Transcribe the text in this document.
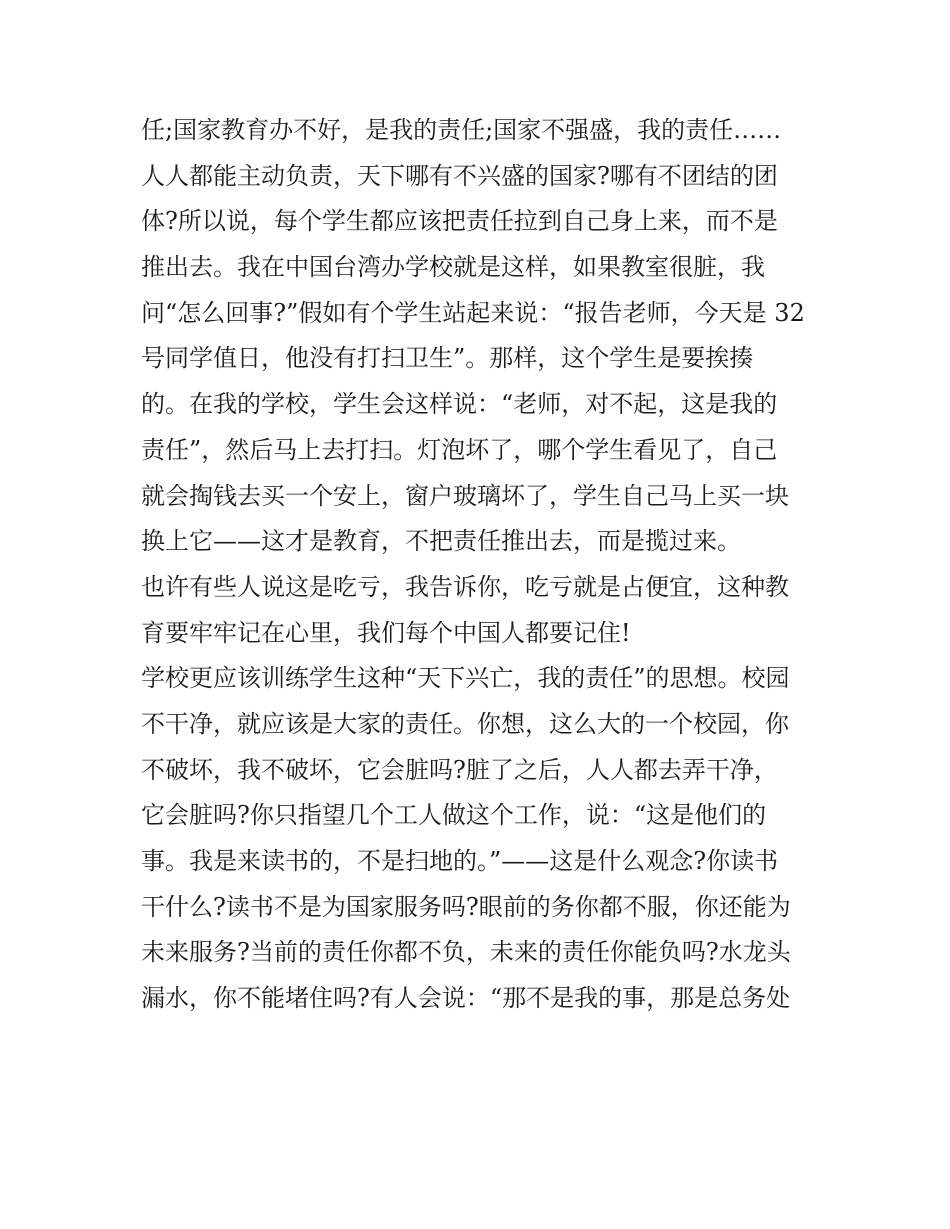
任;国家教育办不好，是我的责任;国家不强盛，我的责任……
人人都能主动负责，天下哪有不兴盛的国家?哪有不团结的团
体?所以说，每个学生都应该把责任拉到自己身上来，而不是
推出去。我在中国台湾办学校就是这样，如果教室很脏，我
问“怎么回事?”假如有个学生站起来说：“报告老师，今天是 32
号同学值日，他没有打扫卫生”。那样，这个学生是要挨揍
的。在我的学校，学生会这样说：“老师，对不起，这是我的
责任”，然后马上去打扫。灯泡坏了，哪个学生看见了，自己
就会掏钱去买一个安上，窗户玻璃坏了，学生自己马上买一块
换上它——这才是教育，不把责任推出去，而是揽过来。
也许有些人说这是吃亏，我告诉你，吃亏就是占便宜，这种教
育要牢牢记在心里，我们每个中国人都要记住!
学校更应该训练学生这种“天下兴亡，我的责任”的思想。校园
不干净，就应该是大家的责任。你想，这么大的一个校园，你
不破坏，我不破坏，它会脏吗?脏了之后，人人都去弄干净，
它会脏吗?你只指望几个工人做这个工作，说：“这是他们的
事。我是来读书的，不是扫地的。”——这是什么观念?你读书
干什么?读书不是为国家服务吗?眼前的务你都不服，你还能为
未来服务?当前的责任你都不负，未来的责任你能负吗?水龙头
漏水，你不能堵住吗?有人会说：“那不是我的事，那是总务处
